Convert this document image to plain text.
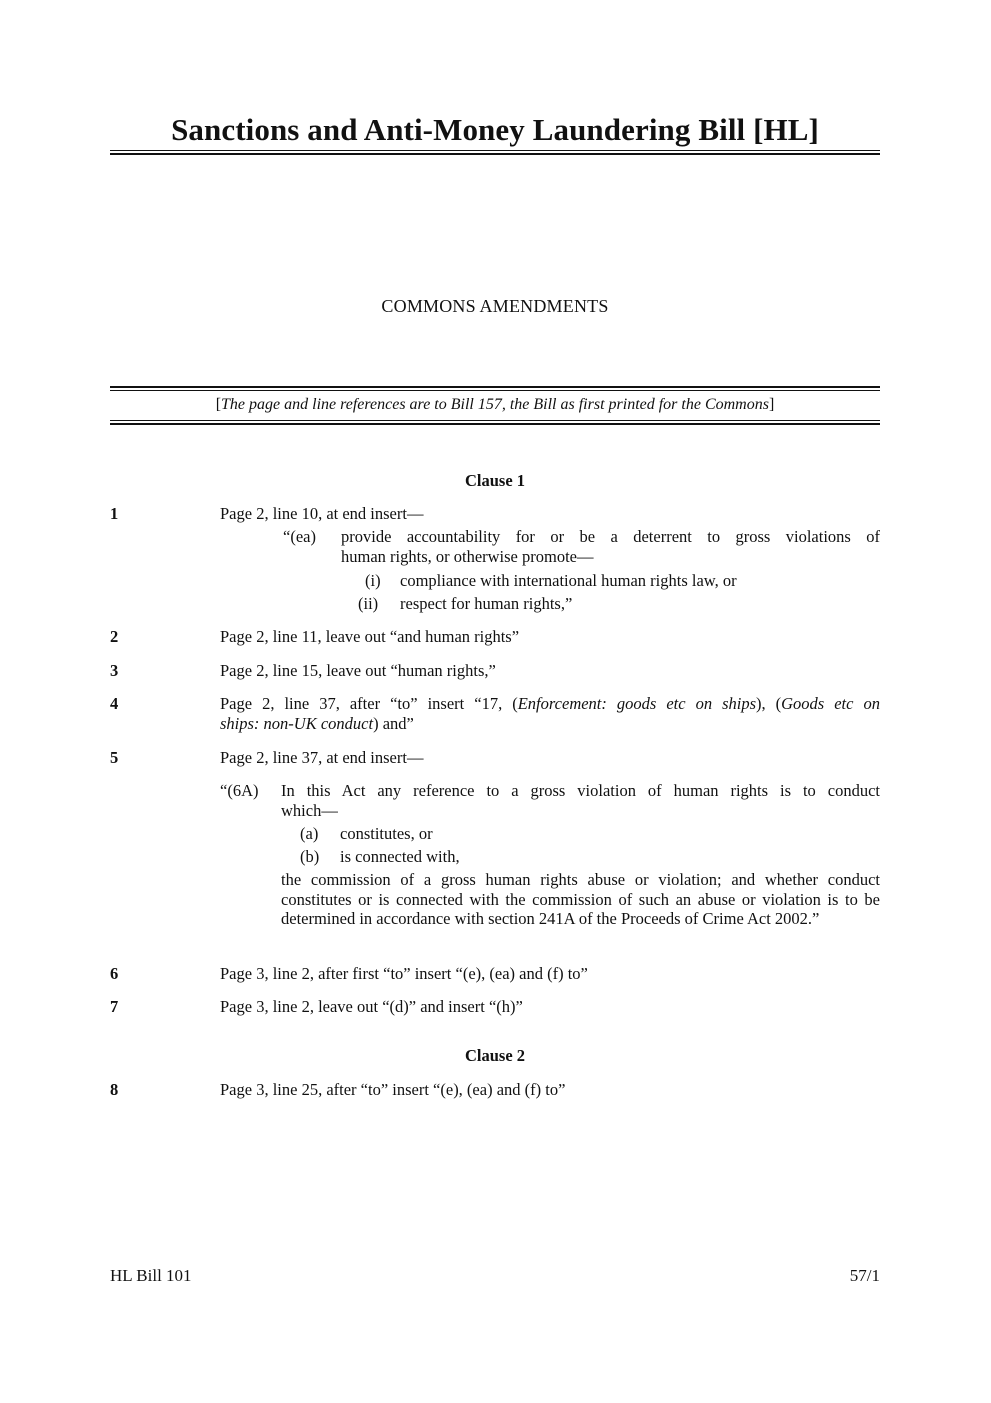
Sanctions and Anti-Money Laundering Bill [HL]
COMMONS AMENDMENTS
[The page and line references are to Bill 157, the Bill as first printed for the Commons]
Clause 1
1	Page 2, line 10, at end insert—
“(ea) provide accountability for or be a deterrent to gross violations of
human rights, or otherwise promote—
(i) compliance with international human rights law, or
(ii) respect for human rights,”
2	Page 2, line 11, leave out “and human rights”
3	Page 2, line 15, leave out “human rights,”
4	Page 2, line 37, after “to” insert “17, (Enforcement: goods etc on ships), (Goods etc on
ships: non-UK conduct) and”
5	Page 2, line 37, at end insert—
“(6A) In this Act any reference to a gross violation of human rights is to conduct
which—
(a) constitutes, or
(b) is connected with,
the commission of a gross human rights abuse or violation; and whether conduct constitutes or is connected with the commission of such an abuse or violation is to be determined in accordance with section 241A of the Proceeds of Crime Act 2002.”
6	Page 3, line 2, after first “to” insert “(e), (ea) and (f) to”
7	Page 3, line 2, leave out “(d)” and insert “(h)”
Clause 2
8	Page 3, line 25, after “to” insert “(e), (ea) and (f) to”
HL Bill 101	57/1
